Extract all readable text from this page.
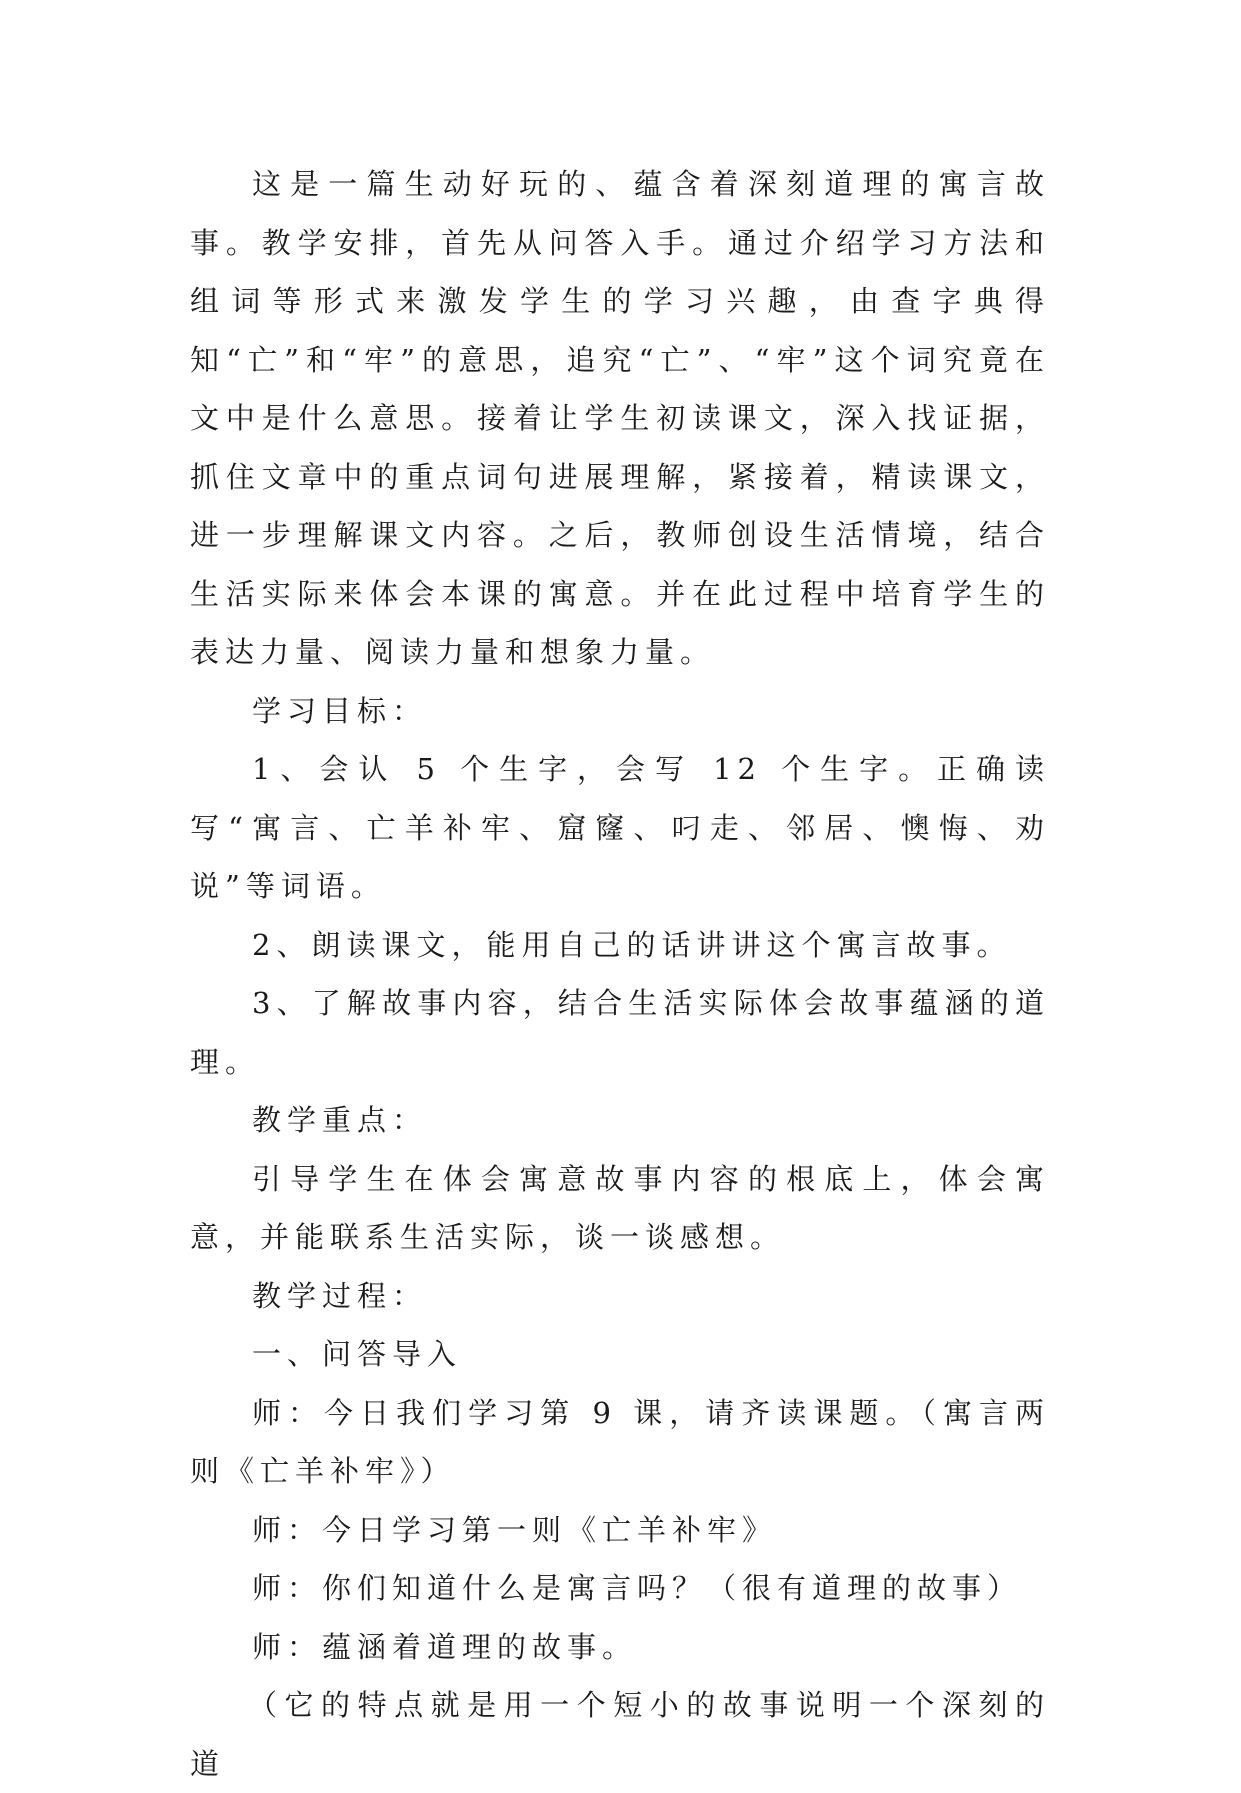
这是一篇生动好玩的、蕴含着深刻道理的寓言故事。教学安排，首先从问答入手。通过介绍学习方法和组词等形式来激发学生的学习兴趣，由查字典得知“亡”和“牢”的意思，追究“亡”、“牢”这个词究竟在文中是什么意思。接着让学生初读课文，深入找证据，抓住文章中的重点词句进展理解，紧接着，精读课文，进一步理解课文内容。之后，教师创设生活情境，结合生活实际来体会本课的寓意。并在此过程中培育学生的表达力量、阅读力量和想象力量。

学习目标：

1、会认 5 个生字，会写 12 个生字。正确读写“寓言、亡羊补牢、窟窿、叼走、邻居、懊悔、劝说”等词语。

2、朗读课文，能用自己的话讲讲这个寓言故事。

3、了解故事内容，结合生活实际体会故事蕴涵的道理。

教学重点：

引导学生在体会寓意故事内容的根底上，体会寓意，并能联系生活实际，谈一谈感想。

教学过程：

一、问答导入

师：今日我们学习第 9 课，请齐读课题。（寓言两则《亡羊补牢》）

师：今日学习第一则《亡羊补牢》

师：你们知道什么是寓言吗？（很有道理的故事）

师：蕴涵着道理的故事。

（它的特点就是用一个短小的故事说明一个深刻的道
